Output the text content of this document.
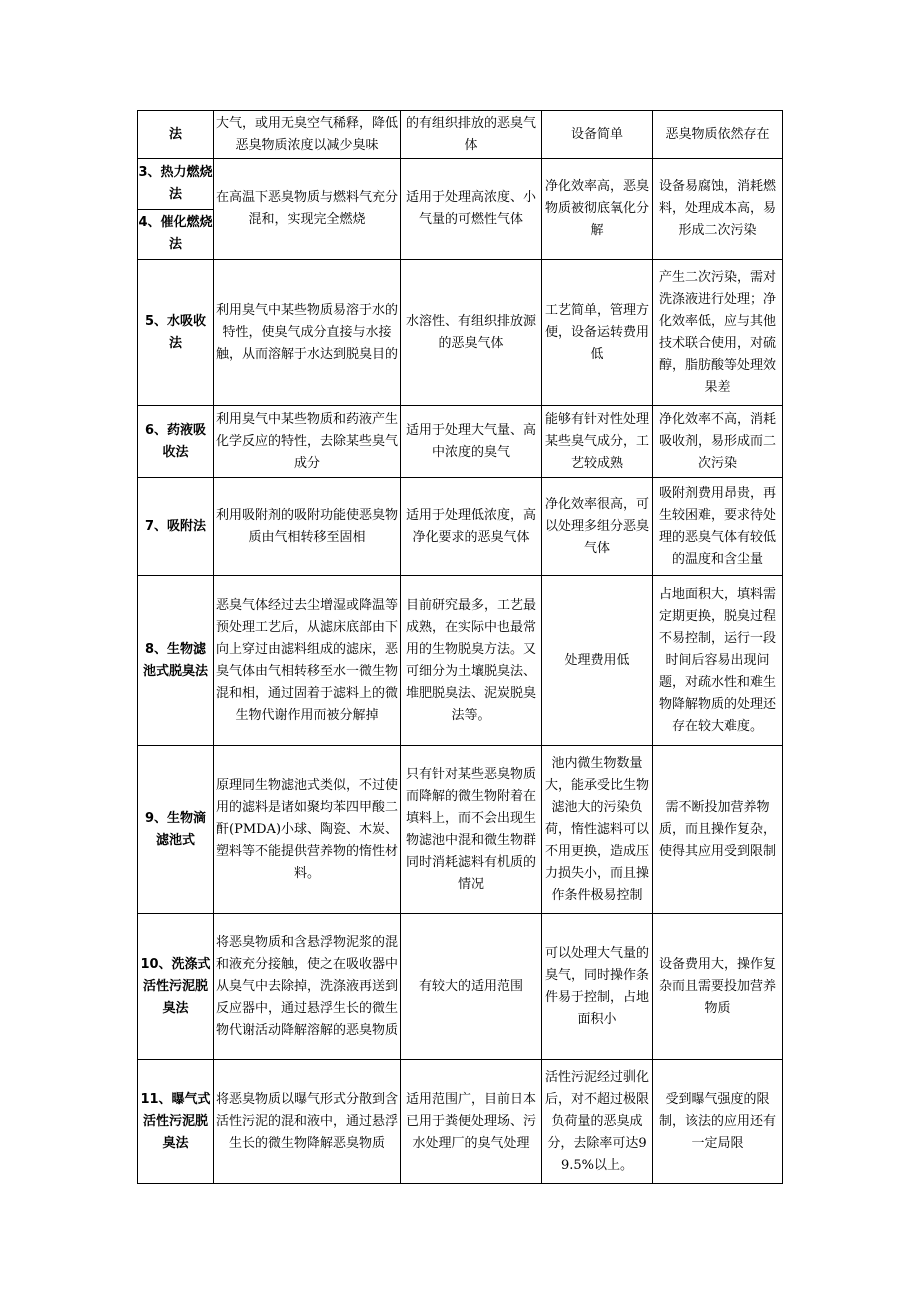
法	大气，或用无臭空气稀释，降低恶臭物质浓度以减少臭味	的有组织排放的恶臭气体	设备简单	恶臭物质依然存在

3、热力燃烧法
4、催化燃烧法	在高温下恶臭物质与燃料气充分混和，实现完全燃烧	适用于处理高浓度、小气量的可燃性气体	净化效率高，恶臭物质被彻底氧化分解	设备易腐蚀，消耗燃料，处理成本高，易形成二次污染
5、水吸收法	利用臭气中某些物质易溶于水的特性，使臭气成分直接与水接触，从而溶解于水达到脱臭目的	水溶性、有组织排放源的恶臭气体	工艺简单，管理方便，设备运转费用低	产生二次污染，需对洗涤液进行处理；净化效率低，应与其他技术联合使用，对硫醇，脂肪酸等处理效果差
6、药液吸收法	利用臭气中某些物质和药液产生化学反应的特性，去除某些臭气成分	适用于处理大气量、高中浓度的臭气	能够有针对性处理某些臭气成分，工艺较成熟	净化效率不高，消耗吸收剂，易形成而二次污染
7、吸附法	利用吸附剂的吸附功能使恶臭物质由气相转移至固相	适用于处理低浓度，高净化要求的恶臭气体	净化效率很高，可以处理多组分恶臭气体	吸附剂费用昂贵，再生较困难，要求待处理的恶臭气体有较低的温度和含尘量
8、生物滤池式脱臭法	恶臭气体经过去尘增湿或降温等预处理工艺后，从滤床底部由下向上穿过由滤料组成的滤床，恶臭气体由气相转移至水一微生物混和相，通过固着于滤料上的微生物代谢作用而被分解掉	目前研究最多，工艺最成熟，在实际中也最常用的生物脱臭方法。又可细分为土壤脱臭法、堆肥脱臭法、泥炭脱臭法等。	处理费用低	占地面积大，填料需定期更换，脱臭过程不易控制，运行一段时间后容易出现问题，对疏水性和难生物降解物质的处理还存在较大难度。
9、生物滴滤池式	原理同生物滤池式类似，不过使用的滤料是诸如聚均苯四甲酸二酐(PMDA)小球、陶瓷、木炭、塑料等不能提供营养物的惰性材料。	只有针对某些恶臭物质而降解的微生物附着在填料上，而不会出现生物滤池中混和微生物群同时消耗滤料有机质的情况	池内微生物数量大，能承受比生物滤池大的污染负荷，惰性滤料可以不用更换，造成压力损失小，而且操作条件极易控制	需不断投加营养物质，而且操作复杂，使得其应用受到限制
10、洗涤式活性污泥脱臭法	将恶臭物质和含悬浮物泥浆的混和液充分接触，使之在吸收器中从臭气中去除掉，洗涤液再送到反应器中，通过悬浮生长的微生物代谢活动降解溶解的恶臭物质	有较大的适用范围	可以处理大气量的臭气，同时操作条件易于控制，占地面积小	设备费用大，操作复杂而且需要投加营养物质
11、曝气式活性污泥脱臭法	将恶臭物质以曝气形式分散到含活性污泥的混和液中，通过悬浮生长的微生物降解恶臭物质	适用范围广，目前日本已用于粪便处理场、污水处理厂的臭气处理	活性污泥经过驯化后，对不超过极限负荷量的恶臭成分，去除率可达99.5%以上。	受到曝气强度的限制，该法的应用还有一定局限
